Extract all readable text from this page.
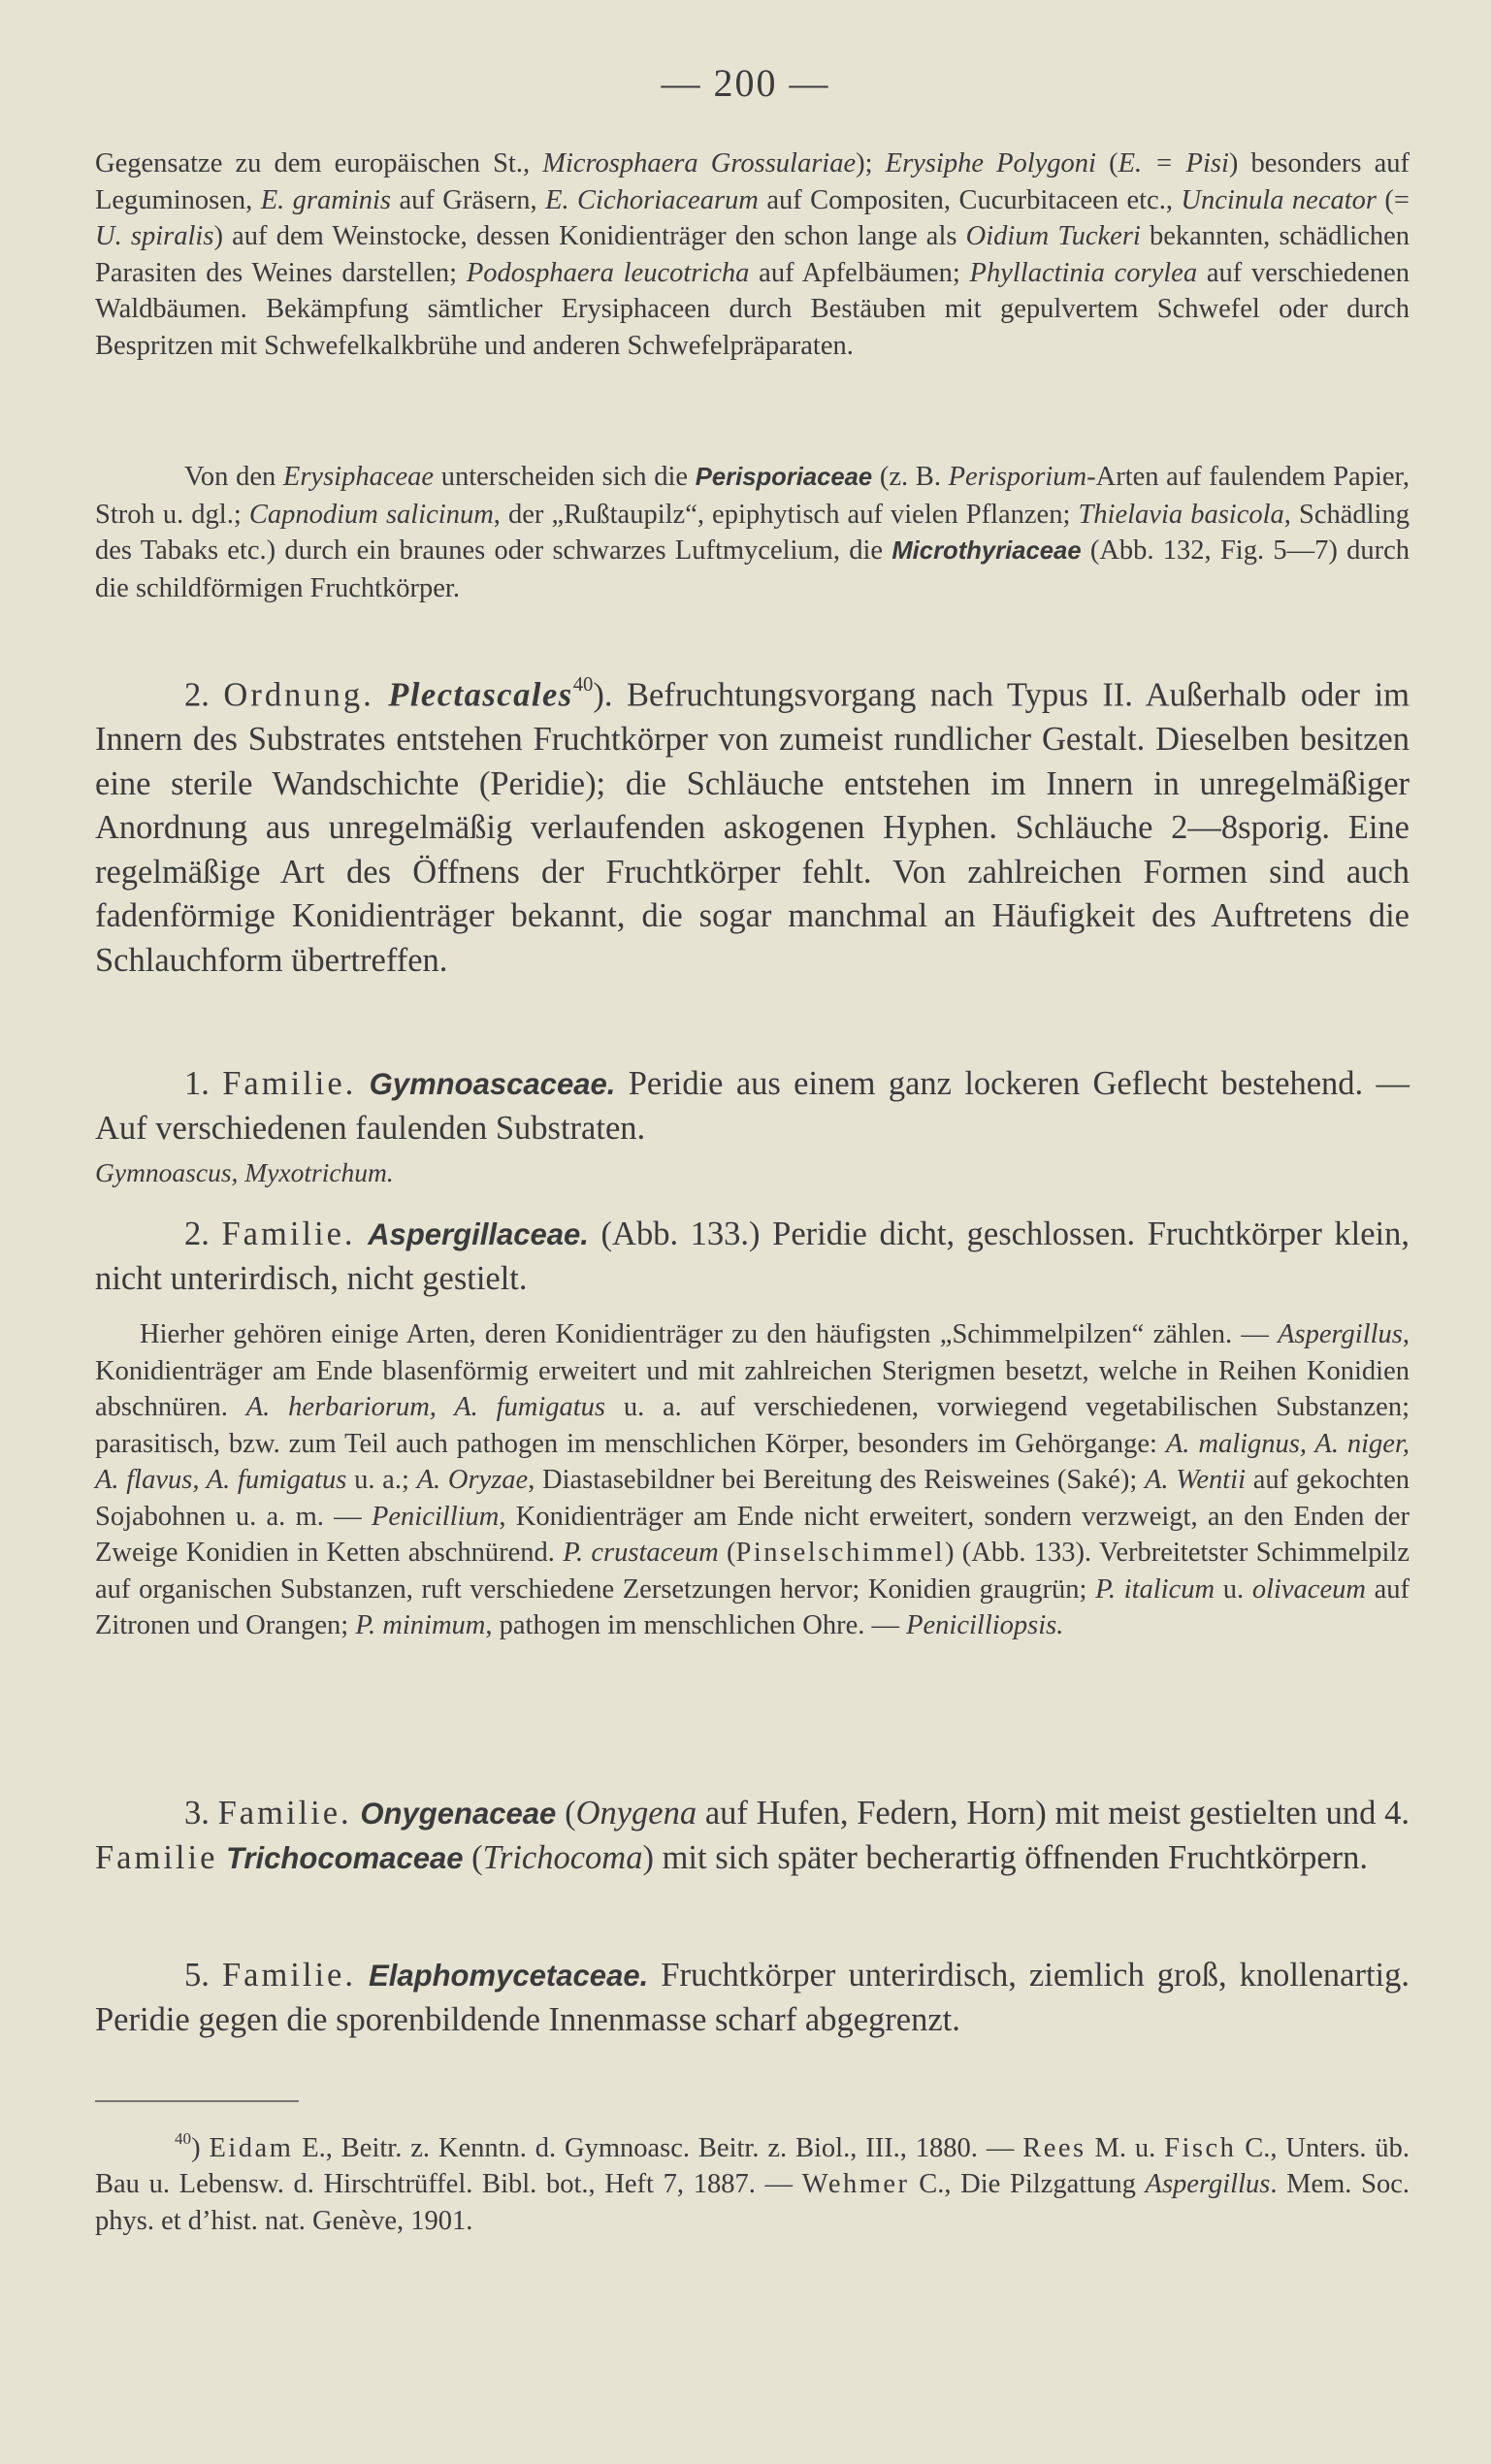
— 200 —
Gegensatze zu dem europäischen St., Microsphaera Grossulariae); Erysiphe Polygoni (E. = Pisi) besonders auf Leguminosen, E. graminis auf Gräsern, E. Cichoriacearum auf Compositen, Cucurbitaceen etc., Uncinula necator (= U. spiralis) auf dem Weinstocke, dessen Konidienträger den schon lange als Oidium Tuckeri bekannten, schädlichen Parasiten des Weines darstellen; Podosphaera leucotricha auf Apfelbäumen; Phyllactinia corylea auf verschiedenen Waldbäumen. Bekämpfung sämtlicher Erysiphaceen durch Bestäuben mit gepulvertem Schwefel oder durch Bespritzen mit Schwefelkalkbrühe und anderen Schwefelpräparaten.
Von den Erysiphaceae unterscheiden sich die Perisporiaceae (z. B. Perisporium-Arten auf faulendem Papier, Stroh u. dgl.; Capnodium salicinum, der „Rußtaupilz“, epiphytisch auf vielen Pflanzen; Thielavia basicola, Schädling des Tabaks etc.) durch ein braunes oder schwarzes Luftmycelium, die Microthyriaceae (Abb. 132, Fig. 5—7) durch die schildförmigen Fruchtkörper.
2. Ordnung. Plectascales$^{40}$). Befruchtungsvorgang nach Typus II. Außerhalb oder im Innern des Substrates entstehen Fruchtkörper von zumeist rundlicher Gestalt. Dieselben besitzen eine sterile Wandschichte (Peridie); die Schläuche entstehen im Innern in unregelmäßiger Anordnung aus unregelmäßig verlaufenden askogenen Hyphen. Schläuche 2—8sporig. Eine regelmäßige Art des Öffnens der Fruchtkörper fehlt. Von zahlreichen Formen sind auch fadenförmige Konidienträger bekannt, die sogar manchmal an Häufigkeit des Auftretens die Schlauchform übertreffen.
1. Familie. Gymnoascaceae. Peridie aus einem ganz lockeren Geflecht bestehend. — Auf verschiedenen faulenden Substraten.
Gymnoascus, Myxotrichum.
2. Familie. Aspergillaceae. (Abb. 133.) Peridie dicht, geschlossen. Fruchtkörper klein, nicht unterirdisch, nicht gestielt.
Hierher gehören einige Arten, deren Konidienträger zu den häufigsten „Schimmelpilzen“ zählen. — Aspergillus, Konidienträger am Ende blasenförmig erweitert und mit zahlreichen Sterigmen besetzt, welche in Reihen Konidien abschnüren. A. herbariorum, A. fumigatus u. a. auf verschiedenen, vorwiegend vegetabilischen Substanzen; parasitisch, bzw. zum Teil auch pathogen im menschlichen Körper, besonders im Gehörgange: A. malignus, A. niger, A. flavus, A. fumigatus u. a.; A. Oryzae, Diastasebildner bei Bereitung des Reisweines (Saké); A. Wentii auf gekochten Sojabohnen u. a. m. — Penicillium, Konidienträger am Ende nicht erweitert, sondern verzweigt, an den Enden der Zweige Konidien in Ketten abschnürend. P. crustaceum (Pinselschimmel) (Abb. 133). Verbreitetster Schimmelpilz auf organischen Substanzen, ruft verschiedene Zersetzungen hervor; Konidien graugrün; P. italicum u. olivaceum auf Zitronen und Orangen; P. minimum, pathogen im menschlichen Ohre. — Penicilliopsis.
3. Familie. Onygenaceae (Onygena auf Hufen, Federn, Horn) mit meist gestielten und 4. Familie Trichocomaceae (Trichocoma) mit sich später becherartig öffnenden Fruchtkörpern.
5. Familie. Elaphomycetaceae. Fruchtkörper unterirdisch, ziemlich groß, knollenartig. Peridie gegen die sporenbildende Innenmasse scharf abgegrenzt.
$^{40}$) Eidam E., Beitr. z. Kenntn. d. Gymnoasc. Beitr. z. Biol., III., 1880. — Rees M. u. Fisch C., Unters. üb. Bau u. Lebensw. d. Hirschtrüffel. Bibl. bot., Heft 7, 1887. — Wehmer C., Die Pilzgattung Aspergillus. Mem. Soc. phys. et d’hist. nat. Genève, 1901.
